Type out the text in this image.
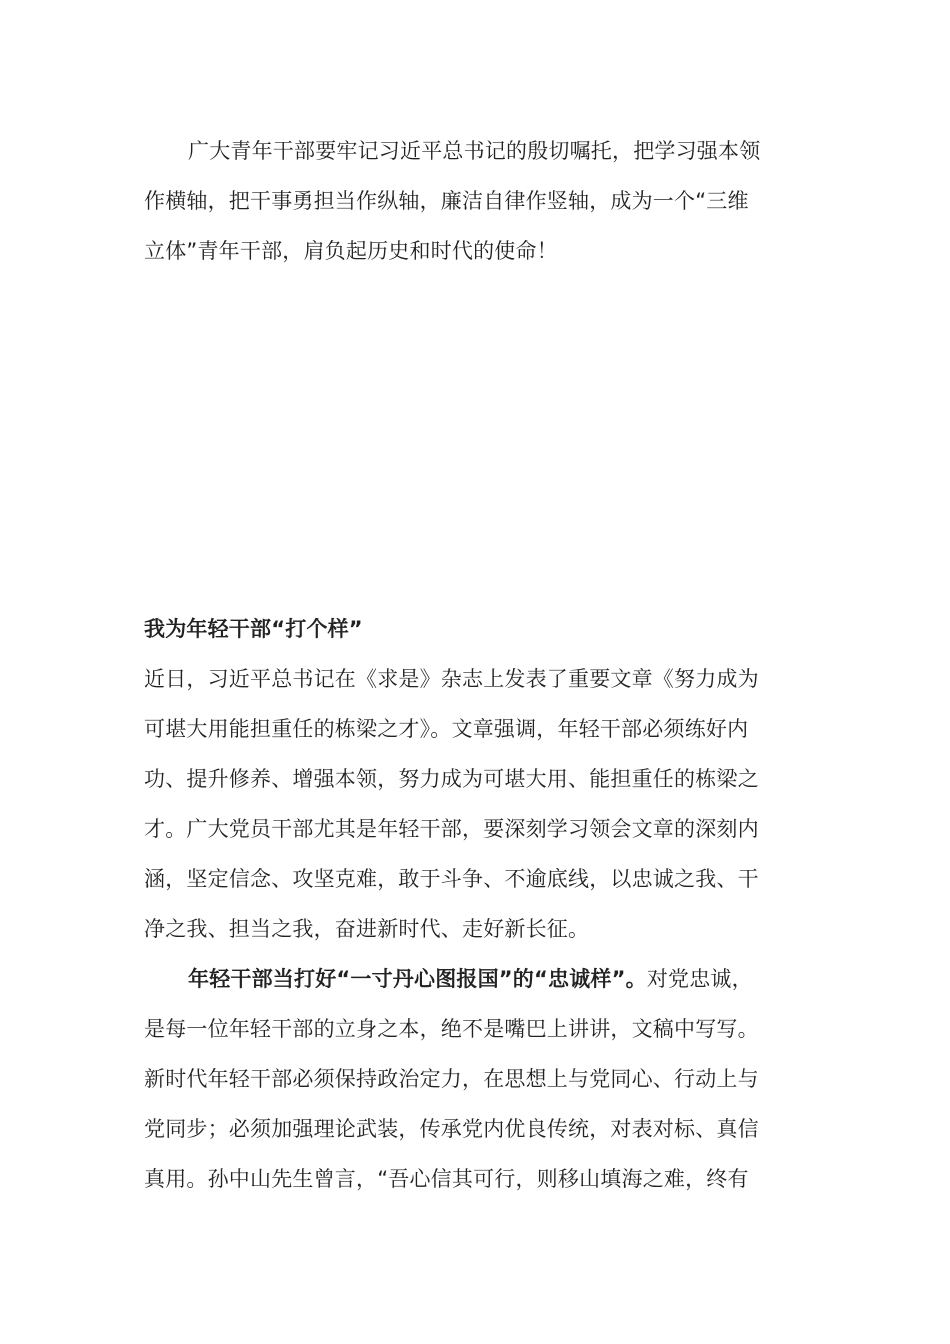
广大青年干部要牢记习近平总书记的殷切嘱托，把学习强本领
作横轴，把干事勇担当作纵轴，廉洁自律作竖轴，成为一个“三维
立体”青年干部，肩负起历史和时代的使命！
我为年轻干部“打个样”
近日，习近平总书记在《求是》杂志上发表了重要文章《努力成为
可堪大用能担重任的栋梁之才》。文章强调，年轻干部必须练好内
功、提升修养、增强本领，努力成为可堪大用、能担重任的栋梁之
才。广大党员干部尤其是年轻干部，要深刻学习领会文章的深刻内
涵，坚定信念、攻坚克难，敢于斗争、不逾底线，以忠诚之我、干
净之我、担当之我，奋进新时代、走好新长征。
年轻干部当打好“一寸丹心图报国”的“忠诚样”。对党忠诚，
是每一位年轻干部的立身之本，绝不是嘴巴上讲讲，文稿中写写。
新时代年轻干部必须保持政治定力，在思想上与党同心、行动上与
党同步；必须加强理论武装，传承党内优良传统，对表对标、真信
真用。孙中山先生曾言，“吾心信其可行，则移山填海之难，终有
